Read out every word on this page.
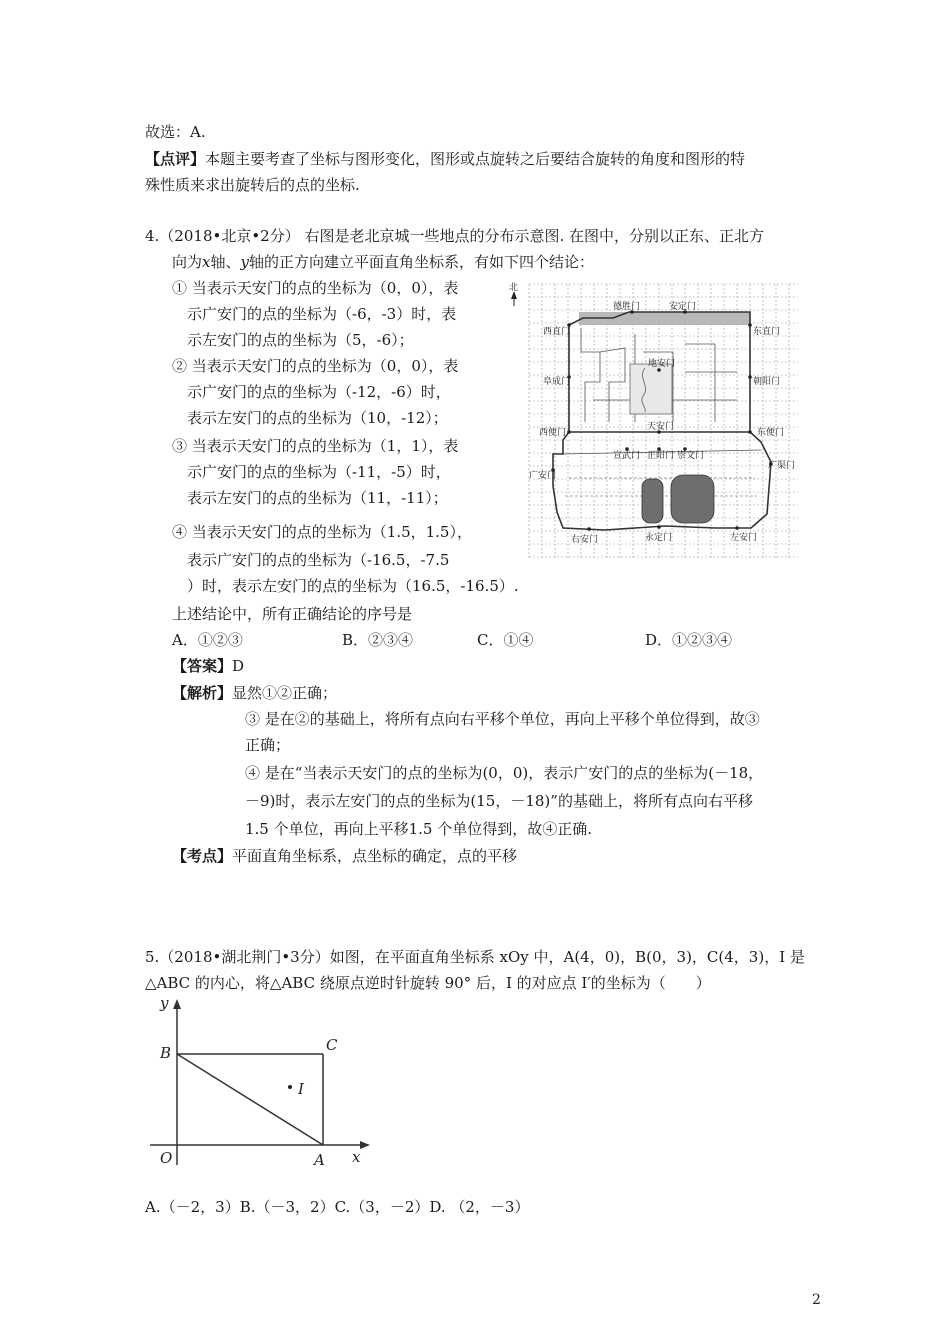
故选：A.
【点评】本题主要考查了坐标与图形变化，图形或点旋转之后要结合旋转的角度和图形的特
殊性质来求出旋转后的点的坐标.
4.（2018•北京•2分） 右图是老北京城一些地点的分布示意图. 在图中，分别以正东、正北方
向为x轴、y轴的正方向建立平面直角坐标系，有如下四个结论：
① 当表示天安门的点的坐标为（0，0），表
示广安门的点的坐标为（-6，-3）时，表
示左安门的点的坐标为（5，-6）；
② 当表示天安门的点的坐标为（0，0），表
示广安门的点的坐标为（-12，-6）时，
表示左安门的点的坐标为（10，-12）；
③ 当表示天安门的点的坐标为（1，1），表
示广安门的点的坐标为（-11，-5）时，
表示左安门的点的坐标为（11，-11）；
④ 当表示天安门的点的坐标为（1.5，1.5），
表示广安门的点的坐标为（-16.5，-7.5
）时，表示左安门的点的坐标为（16.5，-16.5）.
上述结论中，所有正确结论的序号是
A．①②③	B．②③④	C．①④	D．①②③④
【答案】D
【解析】显然①②正确；
③ 是在②的基础上，将所有点向右平移个单位，再向上平移个单位得到，故③
正确；
④ 是在“当表示天安门的点的坐标为(0，0)，表示广安门的点的坐标为(－18，
－9)时，表示左安门的点的坐标为(15，－18)”的基础上，将所有点向右平移
1.5 个单位，再向上平移1.5 个单位得到，故④正确.
【考点】平面直角坐标系，点坐标的确定，点的平移
北
德胜门	安定门
西直门	东直门
阜成门	朝阳门
地安门
天安门
西便门	东便门
宣武门 正阳门 崇文门
广安门
广渠门
右安门	永定门	左安门
5.（2018•湖北荆门•3分）如图，在平面直角坐标系 xOy 中，A(4，0)，B(0，3)，C(4，3)，I 是
△ABC 的内心，将△ABC 绕原点逆时针旋转 90° 后，I 的对应点 I′的坐标为（　　）
y
x
B	C
I
O	A
A.（－2，3）B.（－3，2）C.（3，－2）D. （2，－3）
2
